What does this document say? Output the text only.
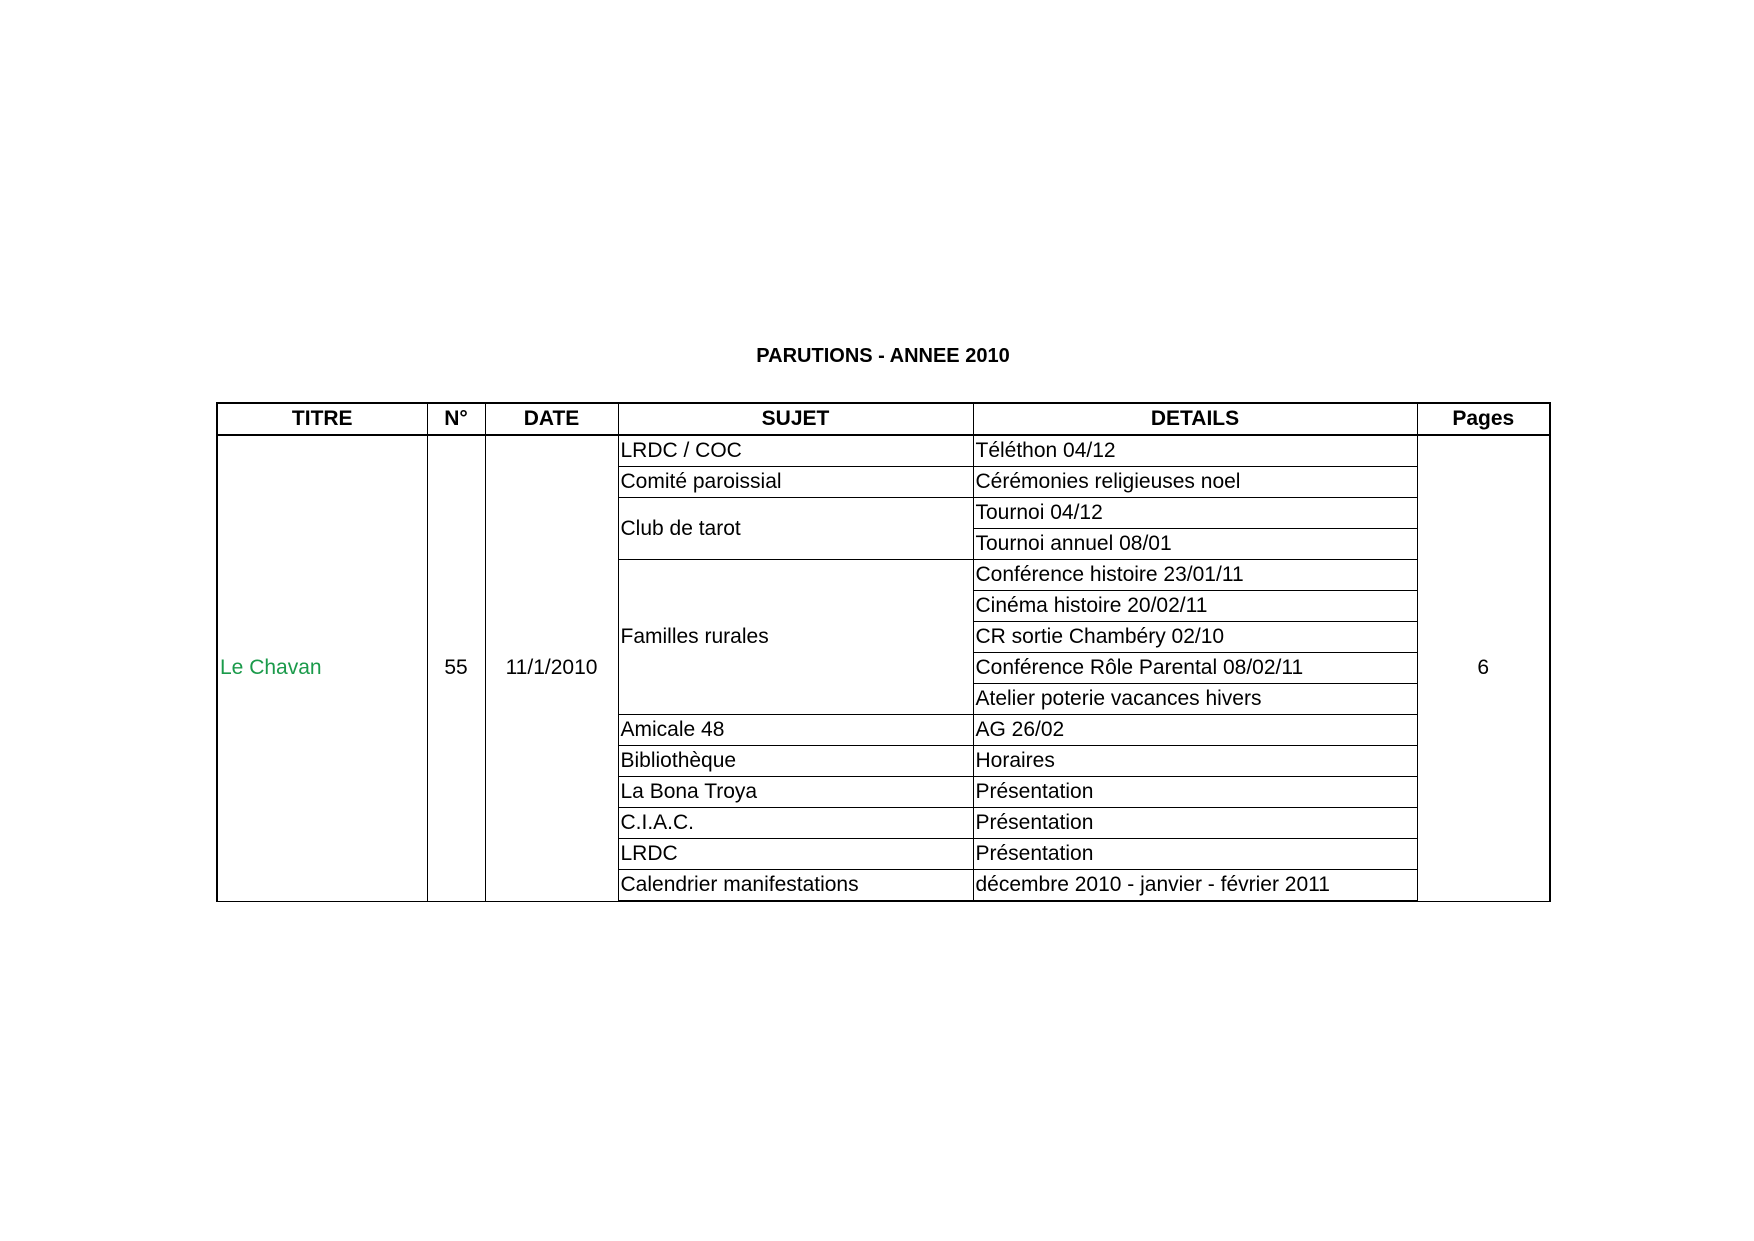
PARUTIONS - ANNEE 2010
TITRE	N°	DATE	SUJET	DETAILS	Pages
Le Chavan	55	11/1/2010	LRDC / COC	Téléthon 04/12	6
			Comité paroissial	Cérémonies religieuses noel	
			Club de tarot	Tournoi 04/12	
				Tournoi annuel 08/01	
			Familles rurales	Conférence histoire 23/01/11	
				Cinéma histoire 20/02/11	
				CR sortie Chambéry 02/10	
				Conférence Rôle Parental 08/02/11	
				Atelier poterie vacances hivers	
			Amicale 48	AG 26/02	
			Bibliothèque	Horaires	
			La Bona Troya	Présentation	
			C.I.A.C.	Présentation	
			LRDC	Présentation	
			Calendrier manifestations	décembre 2010 - janvier - février 2011	
